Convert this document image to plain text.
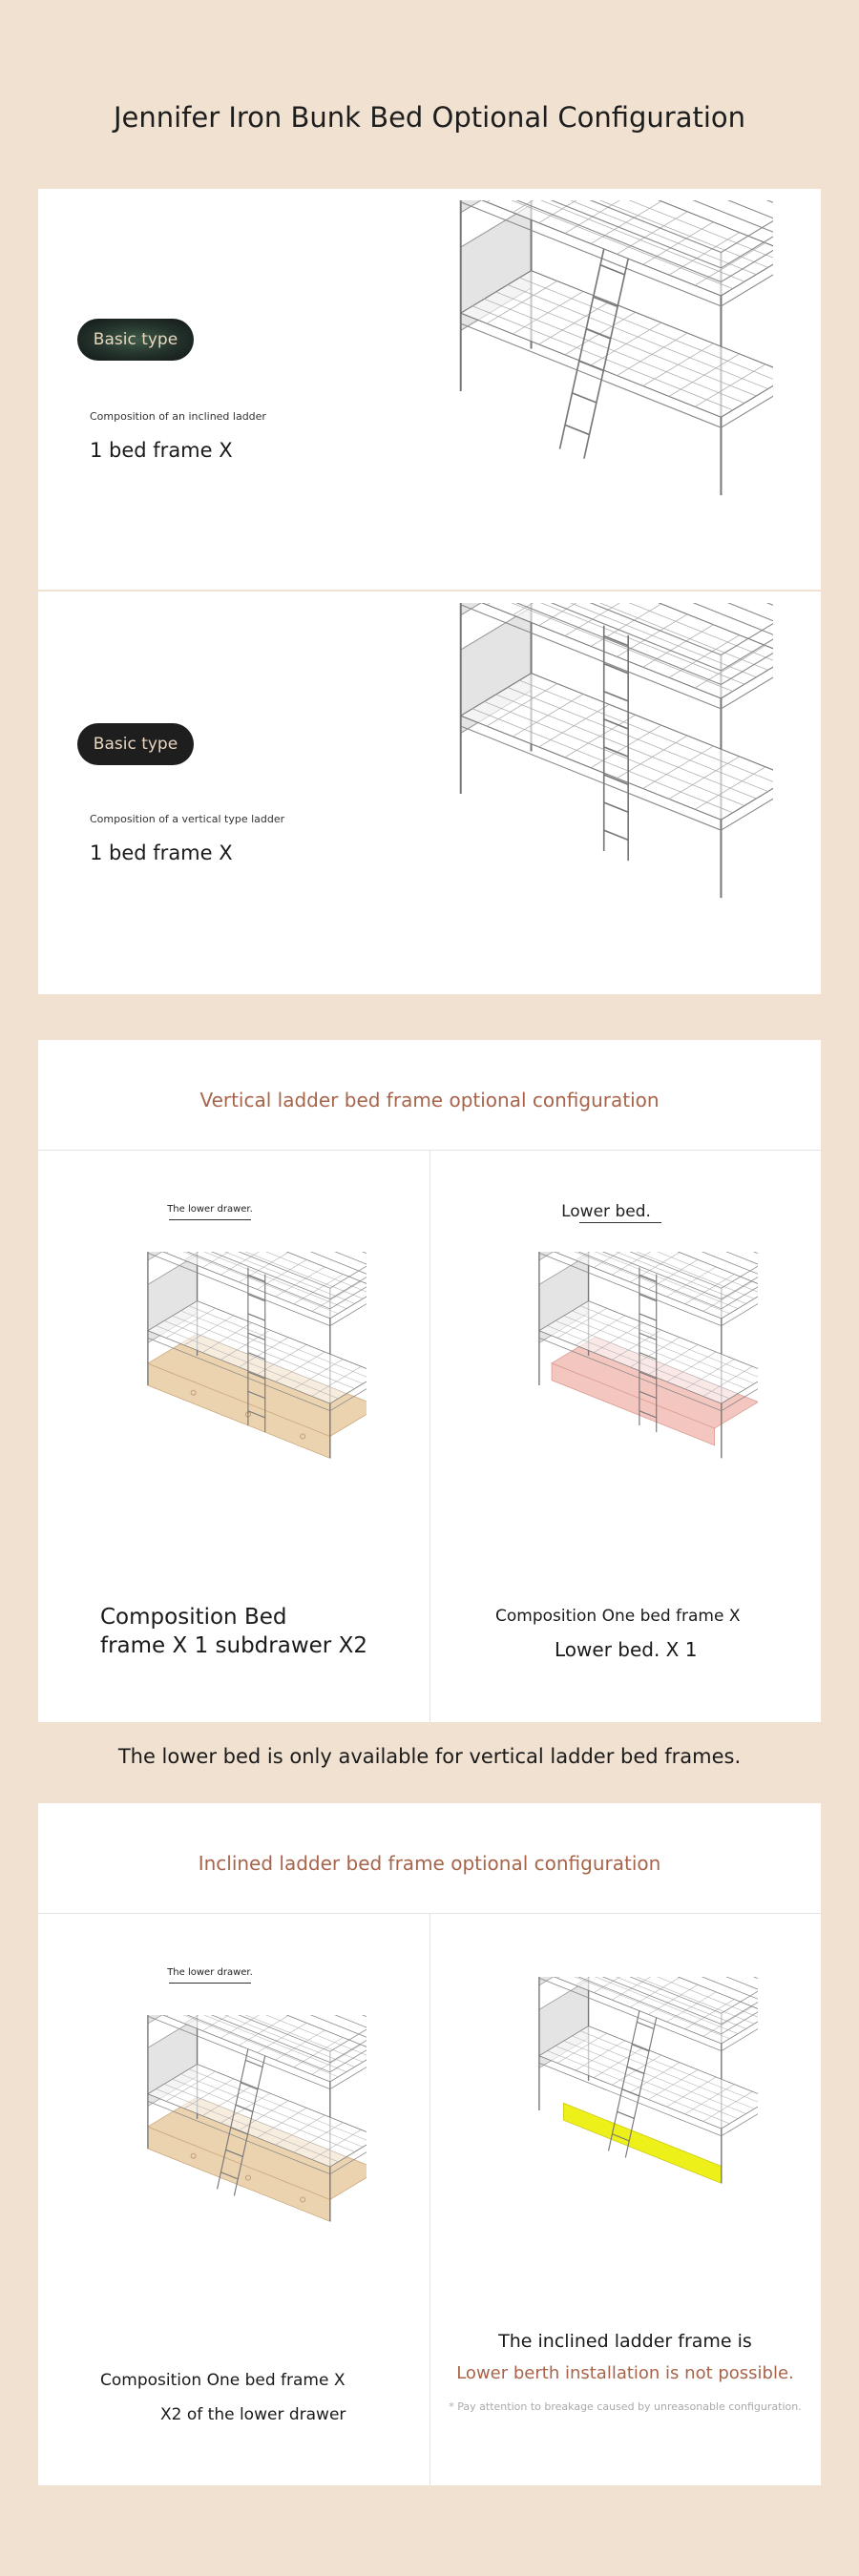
Jennifer Iron Bunk Bed Optional Configuration
Basic type
Composition of an inclined ladder
1 bed frame X
Basic type
Composition of a vertical type ladder
1 bed frame X
Vertical ladder bed frame optional configuration
The lower drawer.
Composition Bed
frame X 1 subdrawer X2
Lower bed.
Composition One bed frame X
Lower bed. X 1
The lower bed is only available for vertical ladder bed frames.
Inclined ladder bed frame optional configuration
The lower drawer.
Composition One bed frame X
X2 of the lower drawer
The inclined ladder frame is
Lower berth installation is not possible.
* Pay attention to breakage caused by unreasonable configuration.
